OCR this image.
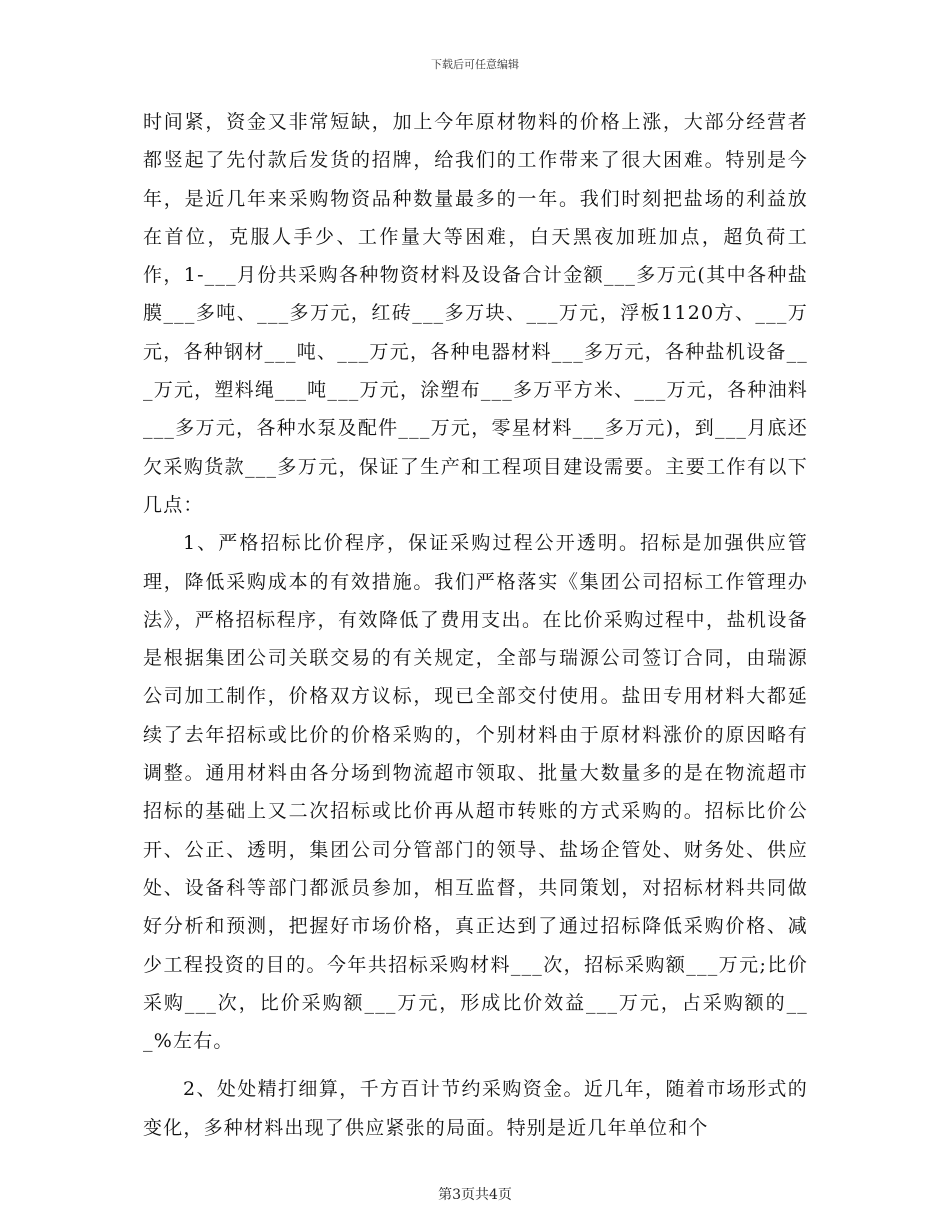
下载后可任意编辑

时间紧，资金又非常短缺，加上今年原材物料的价格上涨，大部分经营者都竖起了先付款后发货的招牌，给我们的工作带来了很大困难。特别是今年，是近几年来采购物资品种数量最多的一年。我们时刻把盐场的利益放在首位，克服人手少、工作量大等困难，白天黑夜加班加点，超负荷工作，1-___月份共采购各种物资材料及设备合计金额___多万元(其中各种盐膜___多吨、___多万元，红砖___多万块、___万元，浮板1120方、___万元，各种钢材___吨、___万元，各种电器材料___多万元，各种盐机设备___万元，塑料绳___吨___万元，涂塑布___多万平方米、___万元，各种油料___多万元，各种水泵及配件___万元，零星材料___多万元)，到___月底还欠采购货款___多万元，保证了生产和工程项目建设需要。主要工作有以下几点：

1、严格招标比价程序，保证采购过程公开透明。招标是加强供应管理，降低采购成本的有效措施。我们严格落实《集团公司招标工作管理办法》，严格招标程序，有效降低了费用支出。在比价采购过程中，盐机设备是根据集团公司关联交易的有关规定，全部与瑞源公司签订合同，由瑞源公司加工制作，价格双方议标，现已全部交付使用。盐田专用材料大都延续了去年招标或比价的价格采购的，个别材料由于原材料涨价的原因略有调整。通用材料由各分场到物流超市领取、批量大数量多的是在物流超市招标的基础上又二次招标或比价再从超市转账的方式采购的。招标比价公开、公正、透明，集团公司分管部门的领导、盐场企管处、财务处、供应处、设备科等部门都派员参加，相互监督，共同策划，对招标材料共同做好分析和预测，把握好市场价格，真正达到了通过招标降低采购价格、减少工程投资的目的。今年共招标采购材料___次，招标采购额___万元;比价采购___次，比价采购额___万元，形成比价效益___万元，占采购额的___%左右。

2、处处精打细算，千方百计节约采购资金。近几年，随着市场形式的变化，多种材料出现了供应紧张的局面。特别是近几年单位和个

第3页共4页
